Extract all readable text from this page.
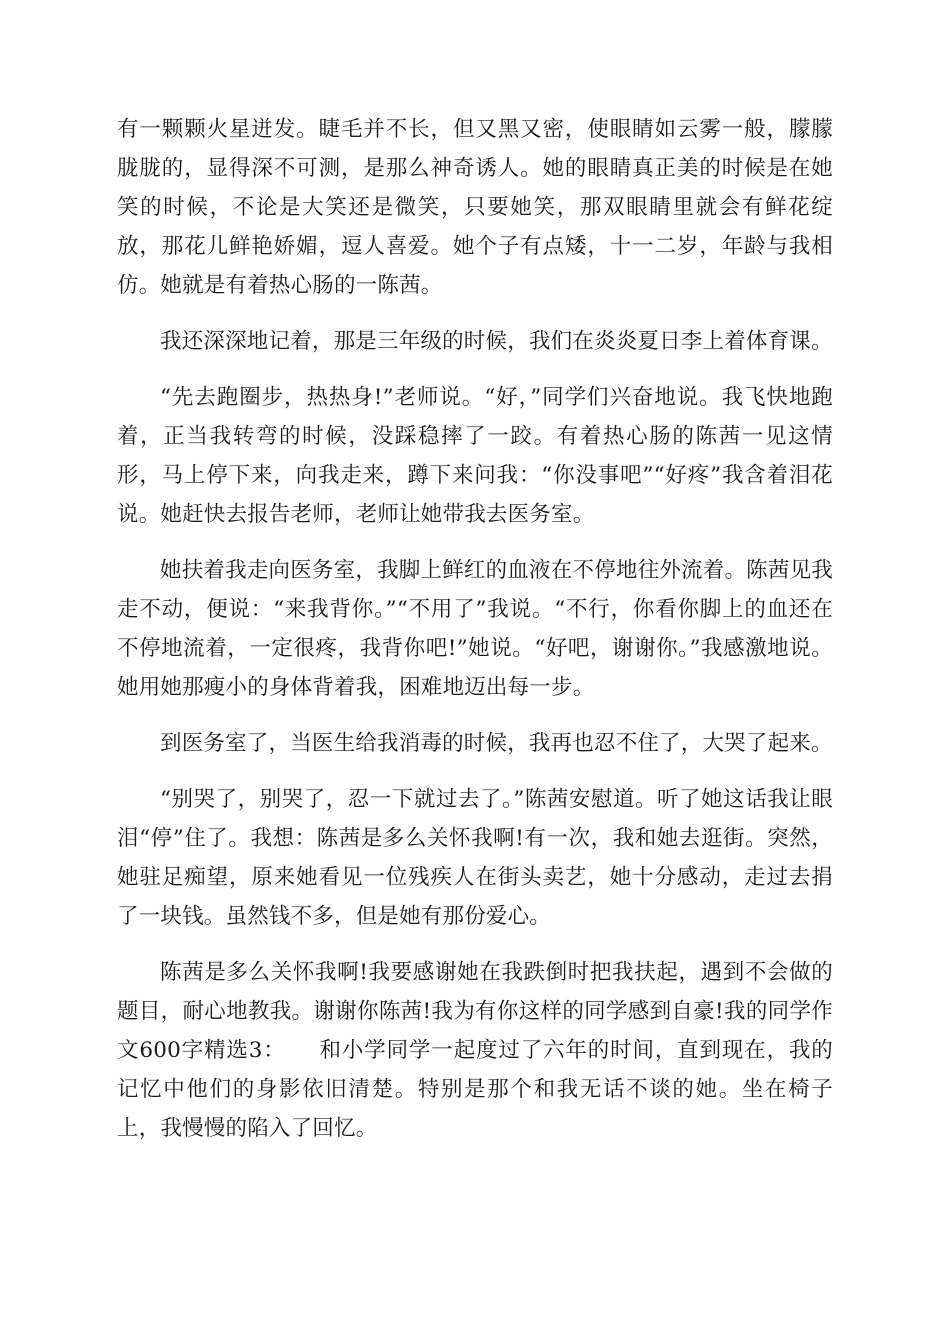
有一颗颗火星迸发。睫毛并不长，但又黑又密，使眼睛如云雾一般，朦朦胧胧的，显得深不可测，是那么神奇诱人。她的眼睛真正美的时候是在她笑的时候，不论是大笑还是微笑，只要她笑，那双眼睛里就会有鲜花绽放，那花儿鲜艳娇媚，逗人喜爱。她个子有点矮，十一二岁，年龄与我相仿。她就是有着热心肠的一陈茜。

我还深深地记着，那是三年级的时候，我们在炎炎夏日李上着体育课。

“先去跑圈步，热热身!”老师说。“好，”同学们兴奋地说。我飞快地跑着，正当我转弯的时候，没踩稳摔了一跤。有着热心肠的陈茜一见这情形，马上停下来，向我走来，蹲下来问我：“你没事吧”“好疼”我含着泪花说。她赶快去报告老师，老师让她带我去医务室。

她扶着我走向医务室，我脚上鲜红的血液在不停地往外流着。陈茜见我走不动，便说：“来我背你。”“不用了”我说。“不行，你看你脚上的血还在不停地流着，一定很疼，我背你吧!”她说。“好吧，谢谢你。”我感激地说。她用她那瘦小的身体背着我，困难地迈出每一步。

到医务室了，当医生给我消毒的时候，我再也忍不住了，大哭了起来。

“别哭了，别哭了，忍一下就过去了。”陈茜安慰道。听了她这话我让眼泪“停”住了。我想：陈茜是多么关怀我啊!有一次，我和她去逛街。突然，她驻足痴望，原来她看见一位残疾人在街头卖艺，她十分感动，走过去捐了一块钱。虽然钱不多，但是她有那份爱心。

陈茜是多么关怀我啊!我要感谢她在我跌倒时把我扶起，遇到不会做的题目，耐心地教我。谢谢你陈茜!我为有你这样的同学感到自豪!我的同学作文600字精选3：　　和小学同学一起度过了六年的时间，直到现在，我的记忆中他们的身影依旧清楚。特别是那个和我无话不谈的她。坐在椅子上，我慢慢的陷入了回忆。
